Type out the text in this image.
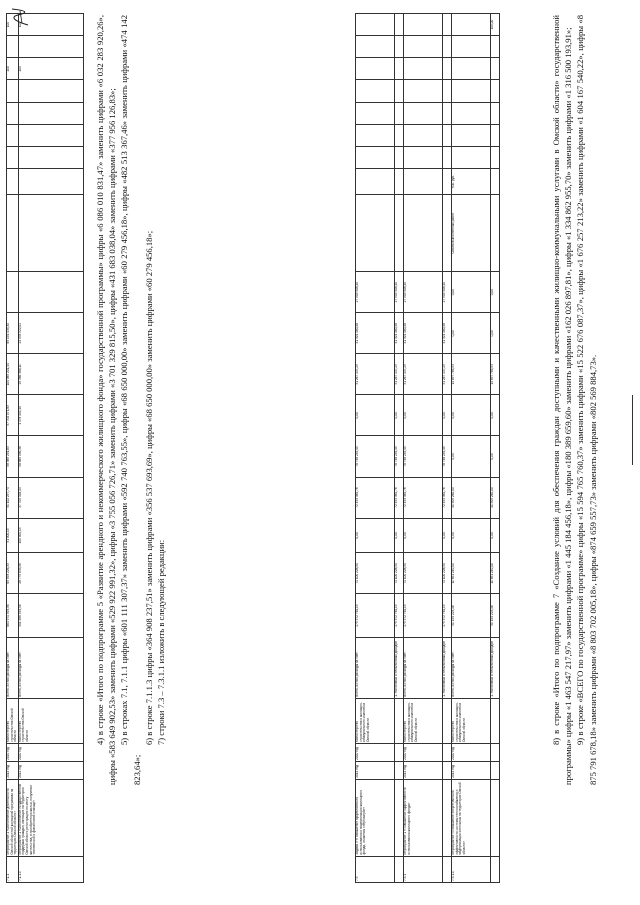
7.1.1	Мероприятие 1 «Обеспечение деятельности Омской областной жилищной программы на территории Омской области»	2014 год	2020 год	Министерство строительства Омской области	Всего, из них расходы за счет:	664 971 393,56	69 993 226,33	91 500,15	91 102 257,74	98 389 291,83	97 704 071,83	104 385 201,44	85 191 435,30								100		100
7.1.1.1	Мероприятие 1 «Обеспечение государственной поддержки граждан, имеющих на территории Омской области регистрацию по месту жительства, в приобретении жилья, получении технической и финансовой помощи»	2014 год	2020 год	Министерство строительства Омской области	Всего, из них расходы за счет:	501 696 533,56	28 779 633,96	100 500,15	37 705 328,14	58 889 996,38	1 478 452,40	29 366 368,11	24 933 922,01								100		100	4) в строке «Итого по подпрограмме 5 «Развитие арендного и некоммерческого жилищного фонда» государственной программы» цифры «6 086 010 831,47» заменить цифрами «6 032 283 920,26», цифры «583 649 902,53» заменить цифрами «529 922 991,32», цифры «3 755 056 726,71» заменить цифрами «3 701 329 815,50», цифры «431 683 038,04» заменить цифрами «377 956 126,83»; 5) в строках 7.1, 7.1.1 цифры «601 111 307,37» заменить цифрами «592 740 763,55», цифры «68 650 000,00» заменить цифрами «60 279 456,18», цифры «482 513 367,46» заменить цифрами «474 142 823,64»;
6) в строке 7.1.1.3 цифры «364 908 237,51» заменить цифрами «356 537 693,69», цифры «68 650 000,00» заменить цифрами «60 279 456,18»; 7) строки 7.3 – 7.3.1.1 изложить в следующей редакции:
7.3	Задача 3 «Повышение эффективности использования и модернизации жилищного фонда, снижения энергозатрат»	2014 год	2020 год	Министерство строительства и жилищно-коммунального комплекса Омской области	Всего, из них расходы за счет:	279 572 764,19	71 100 228,90	0,00	72 453 384,76	78 748 249,45	0,00	51 267 147,25	41 321 160,48	27 903 908,40									
					1. Налоговых и неналоговых доходов	279 572 764,19	71 100 228,90	0,00	72 453 384,76	78 748 249,45	0,00	51 267 147,25	41 321 160,48	27 903 908,40									
7.3.1	Мероприятие 1 «Повышение эффективности использования жилищного фонда»	2014 год	2020 год	Министерство строительства и жилищно-коммунального комплекса Омской области	Всего, из них расходы за счет:	279 572 764,19	71 100 228,90	0,00	72 453 384,76	78 748 249,45	0,00	51 267 147,25	41 321 160,48	27 903 908,40									
					1. Налоговых и неналоговых доходов	279 572 764,19	71 100 228,90	0,00	72 453 384,76	78 748 249,45	0,00	51 267 147,25	41 321 160,48	27 903 908,40									
7.3.1.1	Мероприятие «Повышение энергетической эффективности системы теплоснабжения и модернизации котельных на территории Омской области»	2014 год	2020 год	Министерство строительства и жилищно-коммунального комплекса Омской области	Всего, из них расходы за счет:	51 154 223,16	11 851 240,00	0,00	41 909 260,00	0,00	0,00	14 697 783,53	0,00	0,00	Объем выполненных работ	тыс. руб.							
					1. Налоговых и неналоговых доходов	51 154 223,16	11 851 240,00	0,00	41 909 260,00	0,00	0,00	14 697 783,53	0,00	0,00									100,00	8) в строке «Итого по подпрограмме 7 «Создание условий для обеспечения граждан доступными и качественными жилищно-коммунальными услугами в Омской области» государственной программы» цифры «1 463 547 217,97» заменить цифрами «1 445 184 456,18», цифры «180 389 659,60» заменить цифрами «162 026 897,81», цифры «1 334 862 955,70» заменить цифрами «1 316 500 193,91»; 9) в строке «ВСЕГО по государственной программе» цифры «15 594 765 760,37» заменить цифрами «15 522 676 087,37», цифры «1 676 257 213,22» заменить цифрами «1 604 167 540,22», цифры «8 875 791 678,18» заменить цифрами «8 803 702 005,18», цифры «874 659 557,73» заменить цифрами «802 569 884,73».
